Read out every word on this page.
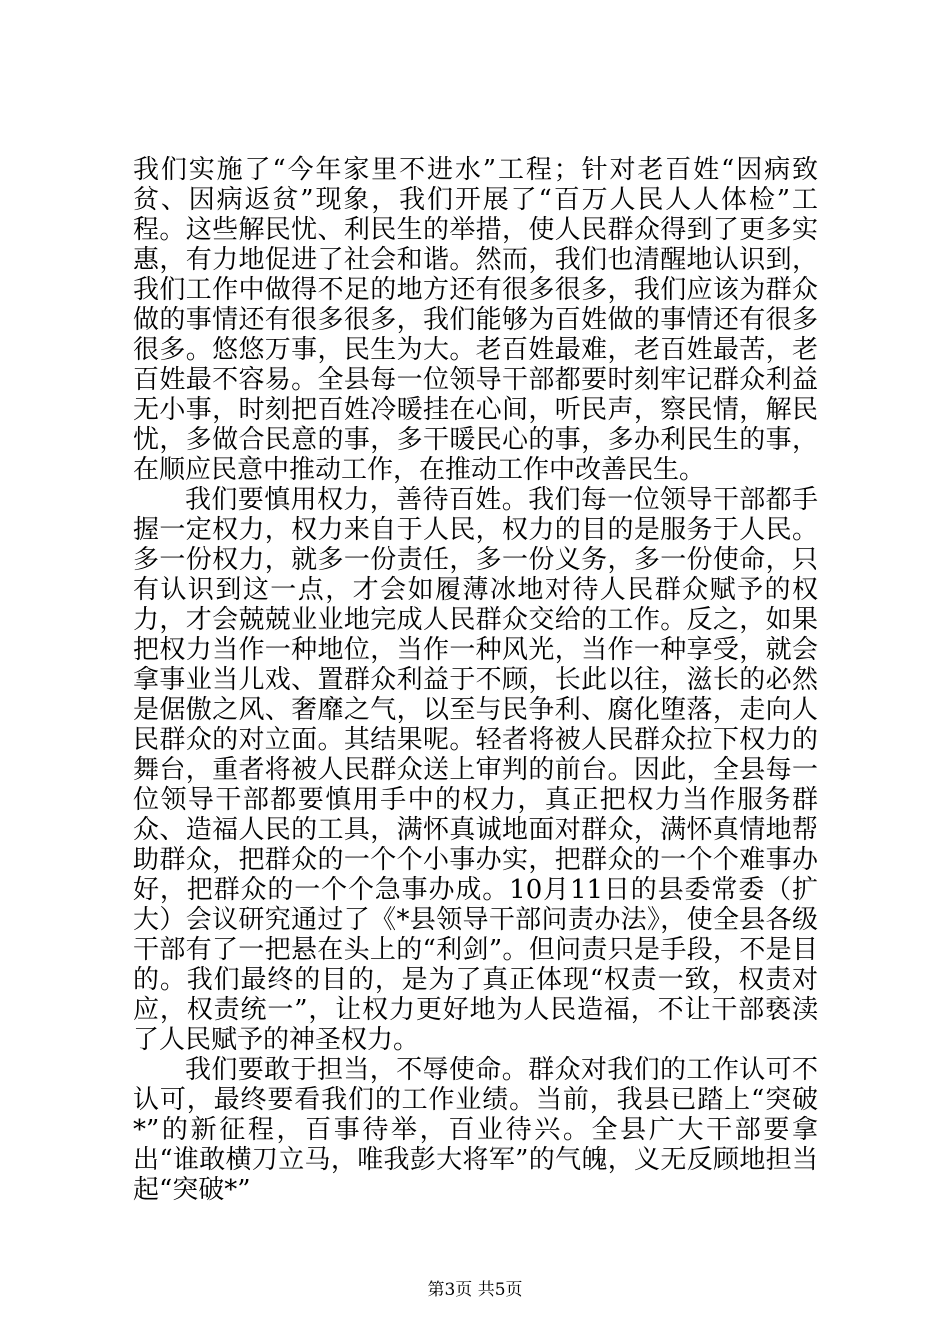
我们实施了“今年家里不进水”工程；针对老百姓“因病致贫、因病返贫”现象，我们开展了“百万人民人人体检”工程。这些解民忧、利民生的举措，使人民群众得到了更多实惠，有力地促进了社会和谐。然而，我们也清醒地认识到，我们工作中做得不足的地方还有很多很多，我们应该为群众做的事情还有很多很多，我们能够为百姓做的事情还有很多很多。悠悠万事，民生为大。老百姓最难，老百姓最苦，老百姓最不容易。全县每一位领导干部都要时刻牢记群众利益无小事，时刻把百姓冷暖挂在心间，听民声，察民情，解民忧，多做合民意的事，多干暖民心的事，多办利民生的事，在顺应民意中推动工作，在推动工作中改善民生。

我们要慎用权力，善待百姓。我们每一位领导干部都手握一定权力，权力来自于人民，权力的目的是服务于人民。多一份权力，就多一份责任，多一份义务，多一份使命，只有认识到这一点，才会如履薄冰地对待人民群众赋予的权力，才会兢兢业业地完成人民群众交给的工作。反之，如果把权力当作一种地位，当作一种风光，当作一种享受，就会拿事业当儿戏、置群众利益于不顾，长此以往，滋长的必然是倨傲之风、奢靡之气，以至与民争利、腐化堕落，走向人民群众的对立面。其结果呢。轻者将被人民群众拉下权力的舞台，重者将被人民群众送上审判的前台。因此，全县每一位领导干部都要慎用手中的权力，真正把权力当作服务群众、造福人民的工具，满怀真诚地面对群众，满怀真情地帮助群众，把群众的一个个小事办实，把群众的一个个难事办好，把群众的一个个急事办成。10月11日的县委常委（扩大）会议研究通过了《*县领导干部问责办法》，使全县各级干部有了一把悬在头上的“利剑”。但问责只是手段，不是目的。我们最终的目的，是为了真正体现“权责一致，权责对应，权责统一”，让权力更好地为人民造福，不让干部亵渎了人民赋予的神圣权力。

我们要敢于担当，不辱使命。群众对我们的工作认可不认可，最终要看我们的工作业绩。当前，我县已踏上“突破*”的新征程，百事待举，百业待兴。全县广大干部要拿出“谁敢横刀立马，唯我彭大将军”的气魄，义无反顾地担当起“突破*”

第3页 共5页
